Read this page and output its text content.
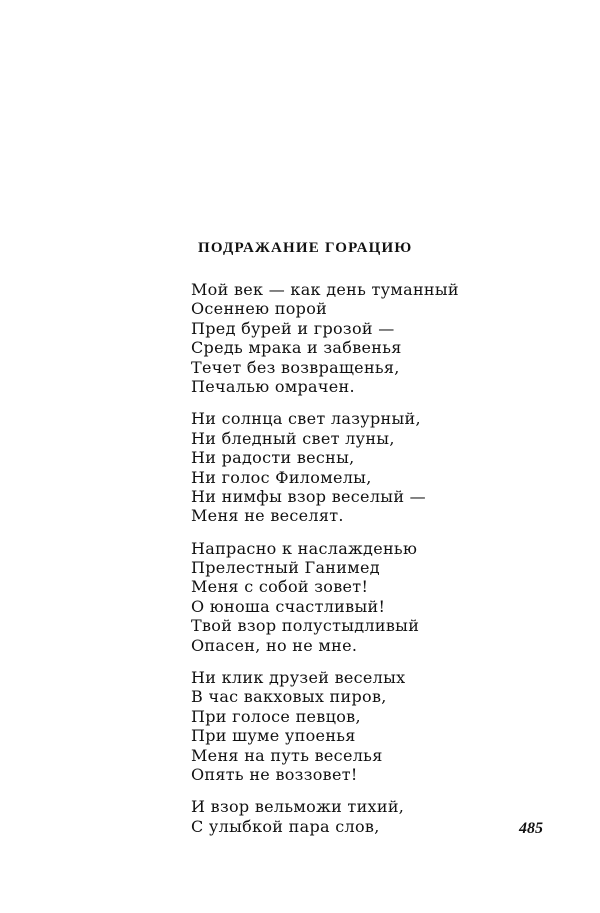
ПОДРАЖАНИЕ ГОРАЦИЮ
Мой век — как день туманный
Осеннею порой
Пред бурей и грозой —
Средь мрака и забвенья
Течет без возвращенья,
Печалью омрачен.
Ни солнца свет лазурный,
Ни бледный свет луны,
Ни радости весны,
Ни голос Филомелы,
Ни нимфы взор веселый —
Меня не веселят.
Напрасно к наслажденью
Прелестный Ганимед
Меня с собой зовет!
О юноша счастливый!
Твой взор полустыдливый
Опасен, но не мне.
Ни клик друзей веселых
В час вакховых пиров,
При голосе певцов,
При шуме упоенья
Меня на путь веселья
Опять не воззовет!
И взор вельможи тихий,
С улыбкой пара слов,	485
